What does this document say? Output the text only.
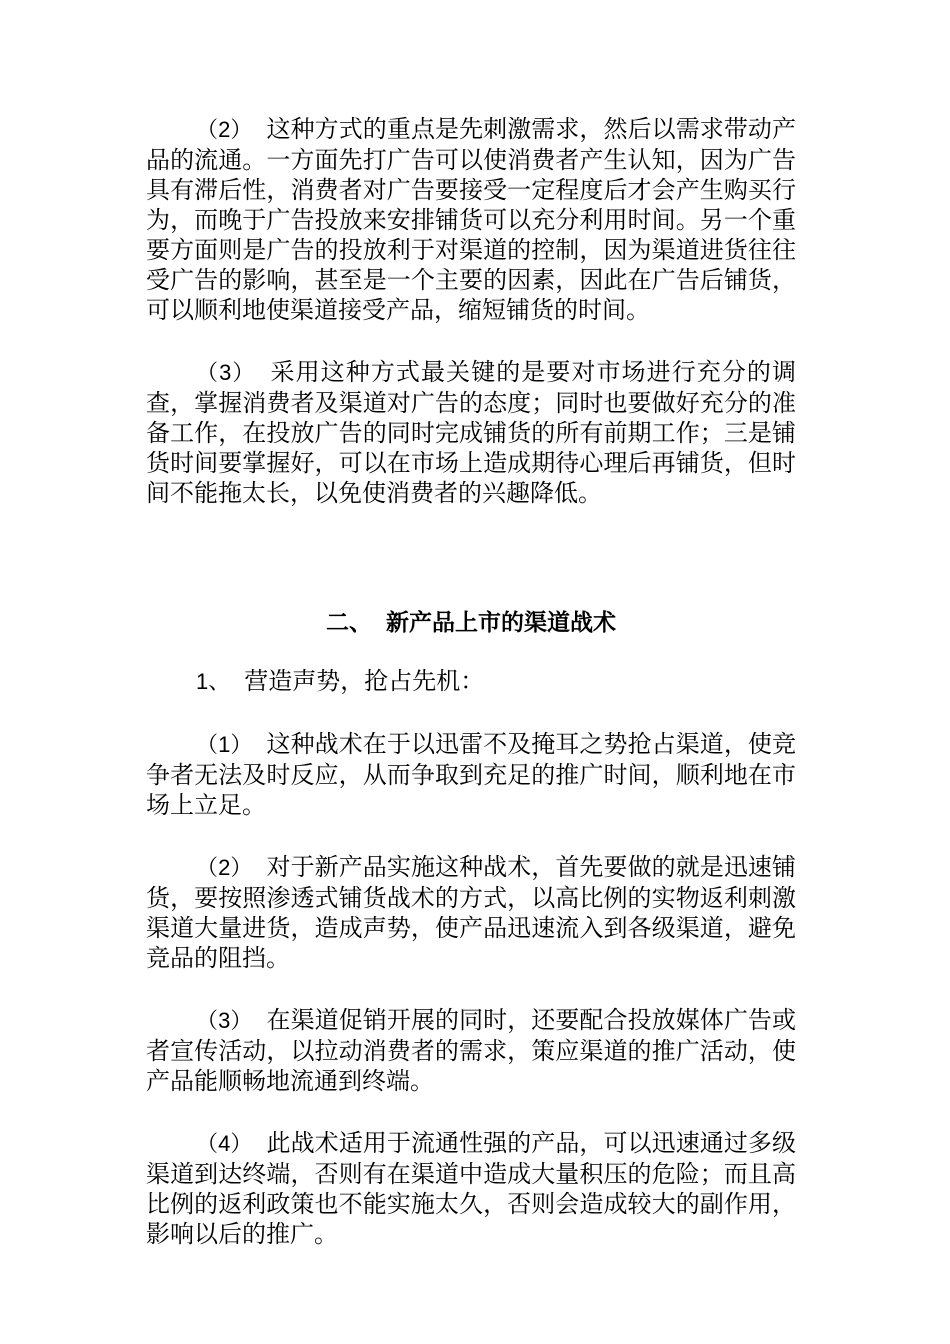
（2） 这种方式的重点是先刺激需求，然后以需求带动产品的流通。一方面先打广告可以使消费者产生认知，因为广告具有滞后性，消费者对广告要接受一定程度后才会产生购买行为，而晚于广告投放来安排铺货可以充分利用时间。另一个重要方面则是广告的投放利于对渠道的控制，因为渠道进货往往受广告的影响，甚至是一个主要的因素，因此在广告后铺货，可以顺利地使渠道接受产品，缩短铺货的时间。

（3） 采用这种方式最关键的是要对市场进行充分的调查，掌握消费者及渠道对广告的态度；同时也要做好充分的准备工作，在投放广告的同时完成铺货的所有前期工作；三是铺货时间要掌握好，可以在市场上造成期待心理后再铺货，但时间不能拖太长，以免使消费者的兴趣降低。

二、 新产品上市的渠道战术
1、 营造声势，抢占先机：

（1） 这种战术在于以迅雷不及掩耳之势抢占渠道，使竞争者无法及时反应，从而争取到充足的推广时间，顺利地在市场上立足。

（2） 对于新产品实施这种战术，首先要做的就是迅速铺货，要按照渗透式铺货战术的方式，以高比例的实物返利刺激渠道大量进货，造成声势，使产品迅速流入到各级渠道，避免竞品的阻挡。

（3） 在渠道促销开展的同时，还要配合投放媒体广告或者宣传活动，以拉动消费者的需求，策应渠道的推广活动，使产品能顺畅地流通到终端。

（4） 此战术适用于流通性强的产品，可以迅速通过多级渠道到达终端，否则有在渠道中造成大量积压的危险；而且高比例的返利政策也不能实施太久，否则会造成较大的副作用，影响以后的推广。
